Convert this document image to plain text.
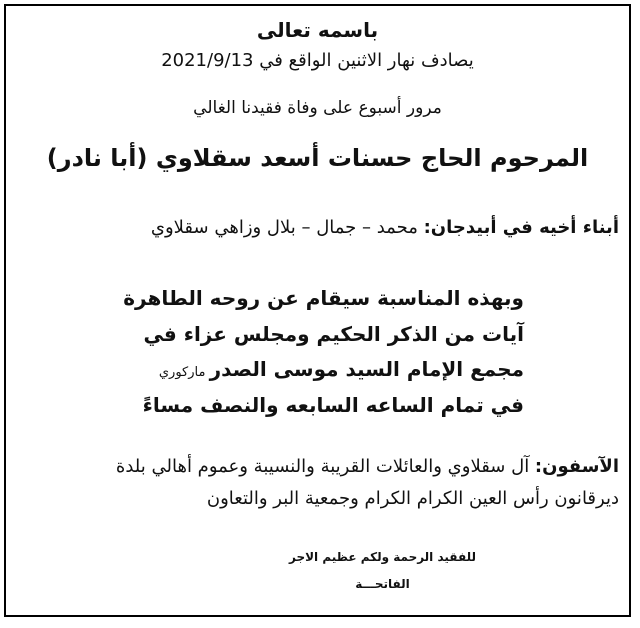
باسمه تعالى
يصادف نهار الاثنين الواقع في 2021/9/13
مرور أسبوع على وفاة فقيدنا الغالي
المرحوم الحاج حسنات أسعد سقلاوي (أبا نادر)
أبناء أخيه في أبيدجان: محمد – جمال – بلال وزاهي سقلاوي
وبهذه المناسبة سيقام عن روحه الطاهرة
آيات من الذكر الحكيم ومجلس عزاء في
مجمع الإمام السيد موسى الصدر ماركوري
في تمام الساعه السابعه والنصف مساءً
الآسفون: آل سقلاوي والعائلات القريبة والنسيبة وعموم أهالي بلدة
ديرقانون رأس العين الكرام الكرام وجمعية البر والتعاون
للفقيد الرحمة ولكم عظيم الاجر
الفاتحـــة
